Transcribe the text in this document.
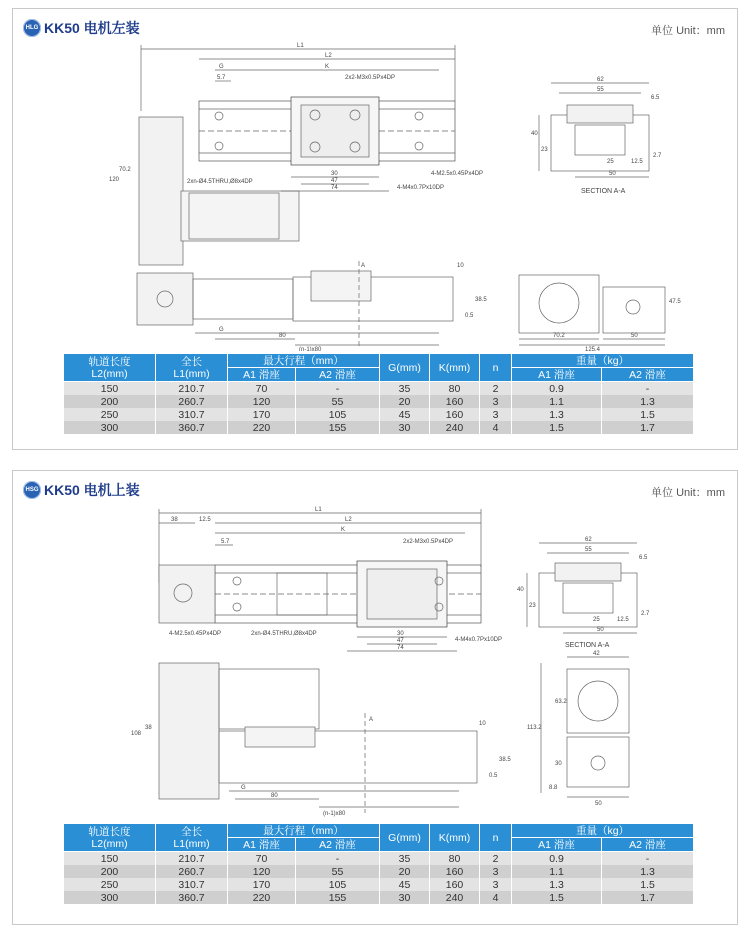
HLG KK50 电机左装	单位 Unit：mm
L1
L2
K
G
5.7	2x2-M3x0.5Px4DP
120
70.2
2xn-Ø4.5THRU,Ø8x4DP
30
47
74
4-M2.5x0.45Px4DP
4-M4x0.7Px10DP
62
55
6.5
40
23
25	12.5
2.7
50
SECTION A-A
A	10
38.5
0.5
G
80
(n-1)x80
47.5
70.2	50
125.4
轨道长度
L2(mm)	全长
L1(mm)	最大行程（mm）		G(mm)	K(mm)	n	重量（kg）	
		A1 滑座	A2 滑座				A1 滑座	A2 滑座
150	210.7	70	-	35	80	2	0.9	-
200	260.7	120	55	20	160	3	1.1	1.3
250	310.7	170	105	45	160	3	1.3	1.5
300	360.7	220	155	30	240	4	1.5	1.7
HSG KK50 电机上装	单位 Unit：mm
L1
L2
K
38	12.5
5.7	2x2-M3x0.5Px4DP
4-M2.5x0.45Px4DP	2xn-Ø4.5THRU,Ø8x4DP	30
47
74
4-M4x0.7Px10DP
62
55
6.5
40
23
25	12.5
2.7
50
SECTION A-A
108
38
A
10
38.5
0.5
80
G
(n-1)x80
42
113.2
63.2
30
8.8
50
轨道长度
L2(mm)	全长
L1(mm)	最大行程（mm）		G(mm)	K(mm)	n	重量（kg）	
		A1 滑座	A2 滑座				A1 滑座	A2 滑座
150	210.7	70	-	35	80	2	0.9	-
200	260.7	120	55	20	160	3	1.1	1.3
250	310.7	170	105	45	160	3	1.3	1.5
300	360.7	220	155	30	240	4	1.5	1.7
